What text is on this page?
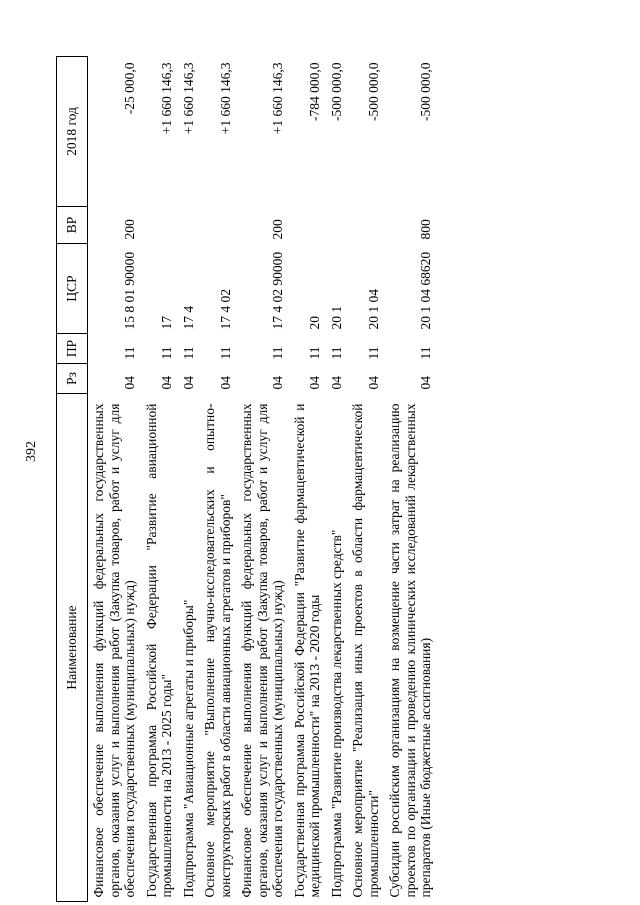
392
Наименование	Рз	ПР	ЦСР	ВР	2018 год
Финансовое обеспечение выполнения функций федеральных государственных органов, оказания услуг и выполнения работ (Закупка товаров, работ и услуг для обеспечения государственных (муниципальных) нужд)	04	11	15 8 01 90000	200	-25 000,0
Государственная программа Российской Федерации "Развитие авиационной промышленности на 2013 - 2025 годы"	04	11	17		+1 660 146,3
Подпрограмма "Авиационные агрегаты и приборы"	04	11	17 4		+1 660 146,3
Основное мероприятие "Выполнение научно-исследовательских и опытно-конструкторских работ в области авиационных агрегатов и приборов"	04	11	17 4 02		+1 660 146,3
Финансовое обеспечение выполнения функций федеральных государственных органов, оказания услуг и выполнения работ (Закупка товаров, работ и услуг для обеспечения государственных (муниципальных) нужд)	04	11	17 4 02 90000	200	+1 660 146,3
Государственная программа Российской Федерации "Развитие фармацевтической и медицинской промышленности" на 2013 - 2020 годы	04	11	20		-784 000,0
Подпрограмма "Развитие производства лекарственных средств"	04	11	20 1		-500 000,0
Основное мероприятие "Реализация иных проектов в области фармацевтической промышленности"	04	11	20 1 04		-500 000,0
Субсидии российским организациям на возмещение части затрат на реализацию проектов по организации и проведению клинических исследований лекарственных препаратов (Иные бюджетные ассигнования)	04	11	20 1 04 68620	800	-500 000,0
